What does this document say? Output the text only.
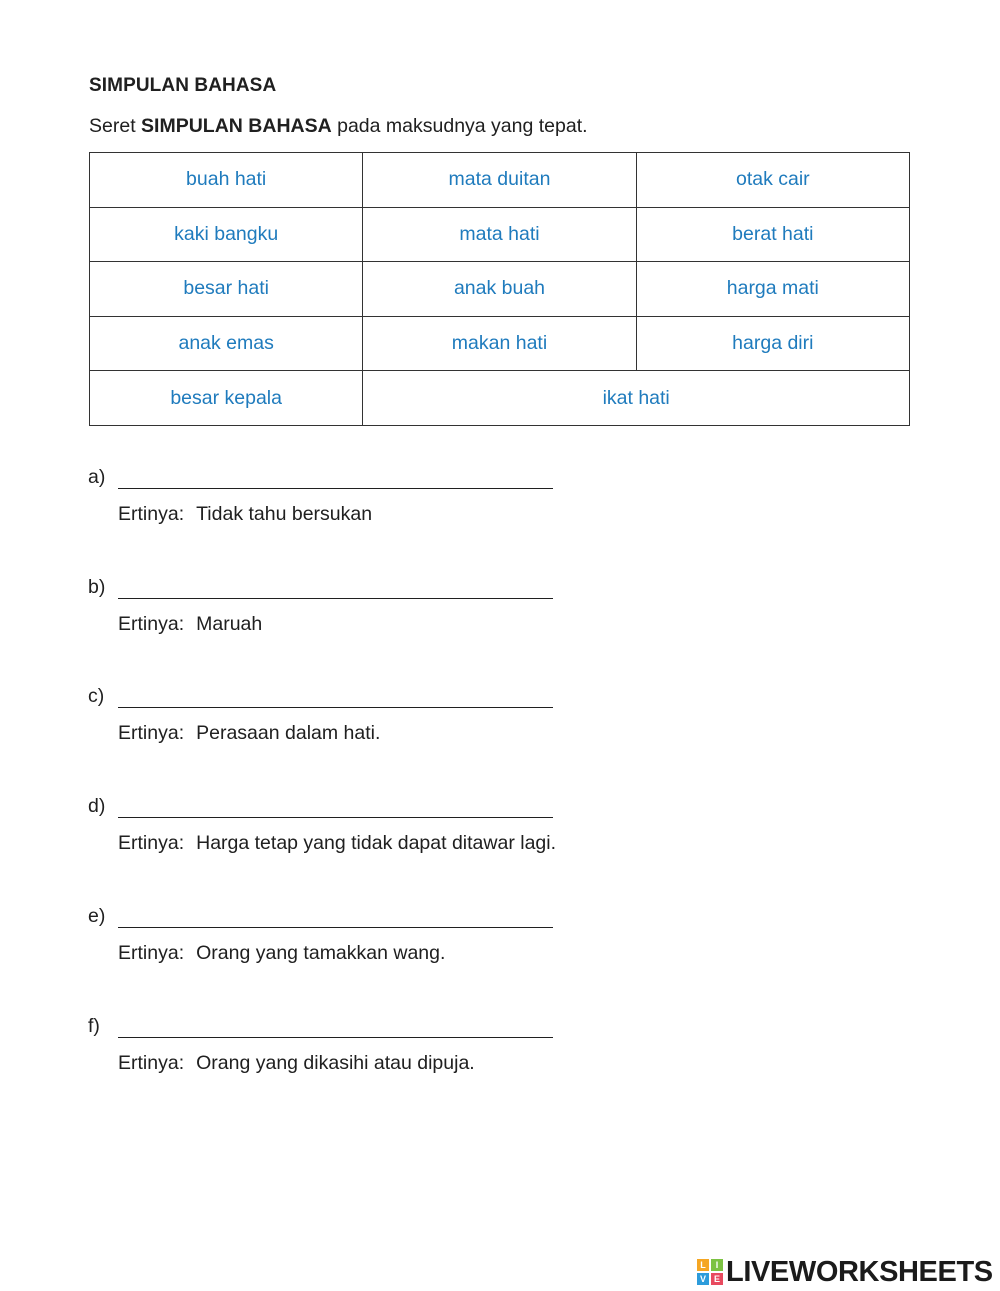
SIMPULAN BAHASA
Seret SIMPULAN BAHASA pada maksudnya yang tepat.
buah hati	mata duitan	otak cair
kaki bangku	mata hati	berat hati
besar hati	anak buah	harga mati
anak emas	makan hati	harga diri
besar kepala	ikat hati	
a)
Ertinya: Tidak tahu bersukan
b)
Ertinya: Maruah
c)
Ertinya: Perasaan dalam hati.
d)
Ertinya: Harga tetap yang tidak dapat ditawar lagi.
e)
Ertinya: Orang yang tamakkan wang.
f)
Ertinya: Orang yang dikasihi atau dipuja.
L	I
V E LIVEWORKSHEETS
